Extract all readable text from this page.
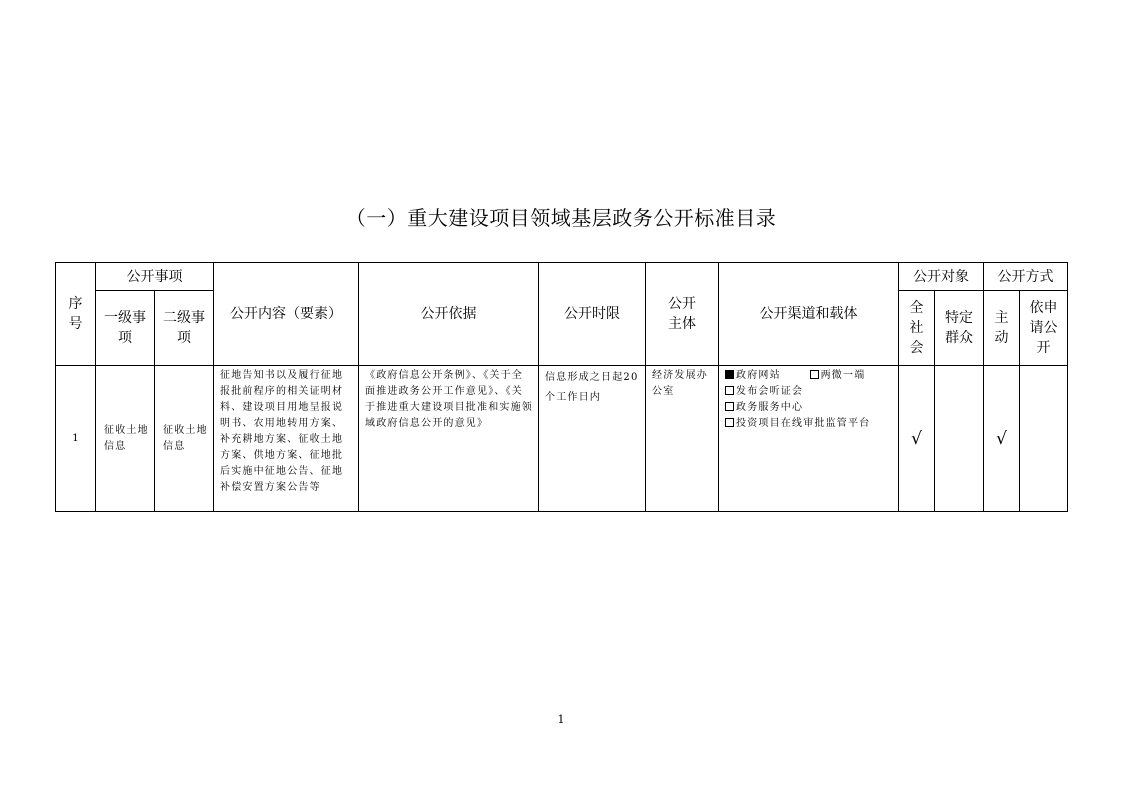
（一）重大建设项目领域基层政务公开标准目录
序号	公开事项		公开内容（要素）	公开依据	公开时限	公开主体	公开渠道和载体	公开对象		公开方式	
	一级事项	二级事项						全社会	特定群众	主动	依申请公开
1	征收土地信息	征收土地信息	征地告知书以及履行征地报批前程序的相关证明材料、建设项目用地呈报说明书、农用地转用方案、补充耕地方案、征收土地方案、供地方案、征地批后实施中征地公告、征地补偿安置方案公告等	《政府信息公开条例》、《关于全面推进政务公开工作意见》、《关于推进重大建设项目批准和实施领域政府信息公开的意见》	信息形成之日起20个工作日内	经济发展办公室	政府网站 两微一端
发布会听证会
政务服务中心
投资项目在线审批监管平台	√		√	
1
